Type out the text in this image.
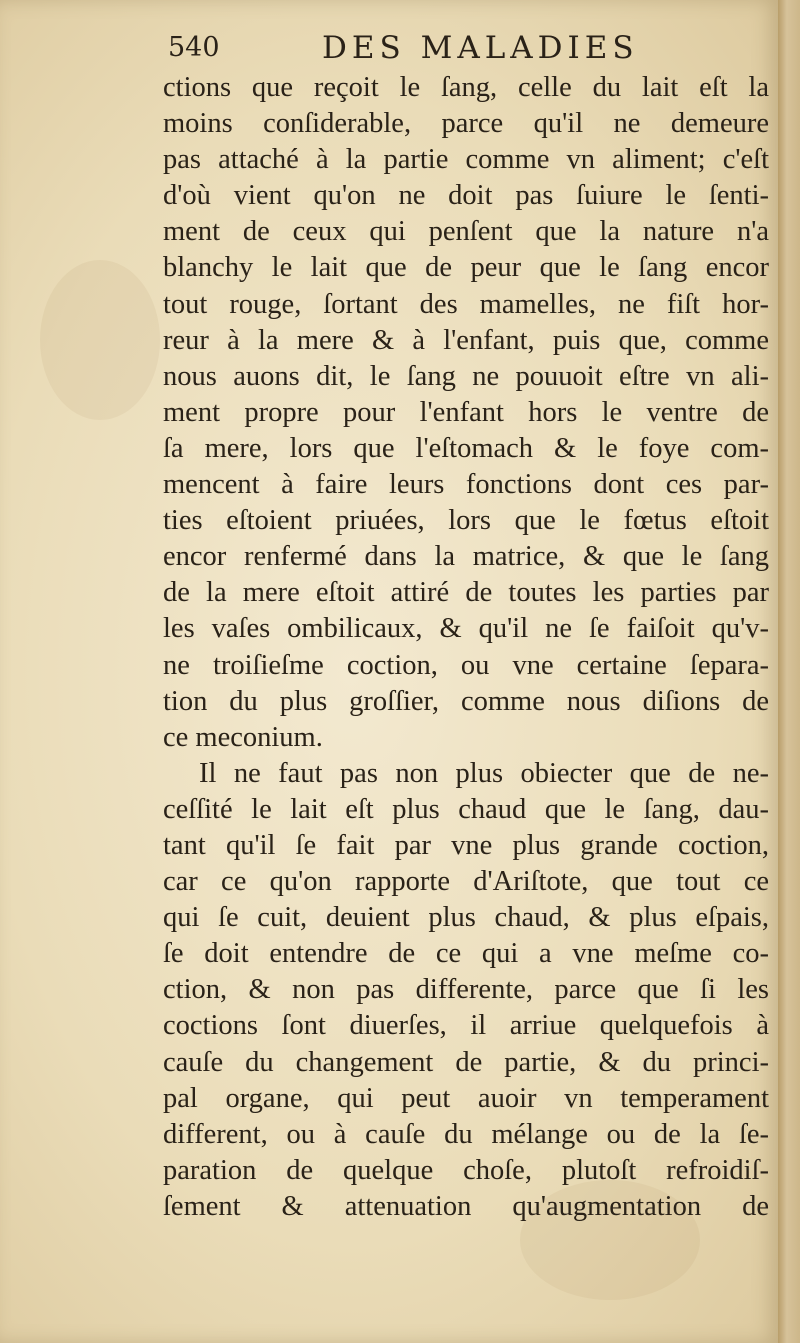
540	DES MALADIES
ctions que reçoit le ſang, celle du lait eſt la
moins conſiderable, parce qu'il ne demeure
pas attaché à la partie comme vn aliment; c'eſt
d'où vient qu'on ne doit pas ſuiure le ſenti-
ment de ceux qui penſent que la nature n'a
blanchy le lait que de peur que le ſang encor
tout rouge, ſortant des mamelles, ne fiſt hor-
reur à la mere & à l'enfant, puis que, comme
nous auons dit, le ſang ne pouuoit eſtre vn ali-
ment propre pour l'enfant hors le ventre de
ſa mere, lors que l'eſtomach & le foye com-
mencent à faire leurs fonctions dont ces par-
ties eſtoient priuées, lors que le fœtus eſtoit
encor renfermé dans la matrice, & que le ſang
de la mere eſtoit attiré de toutes les parties par
les vaſes ombilicaux, & qu'il ne ſe faiſoit qu'v-
ne troiſieſme coction, ou vne certaine ſepara-
tion du plus groſſier, comme nous diſions de
ce meconium.
Il ne faut pas non plus obiecter que de ne-
ceſſité le lait eſt plus chaud que le ſang, dau-
tant qu'il ſe fait par vne plus grande coction,
car ce qu'on rapporte d'Ariſtote, que tout ce
qui ſe cuit, deuient plus chaud, & plus eſpais,
ſe doit entendre de ce qui a vne meſme co-
ction, & non pas differente, parce que ſi les
coctions ſont diuerſes, il arriue quelquefois à
cauſe du changement de partie, & du princi-
pal organe, qui peut auoir vn temperament
different, ou à cauſe du mélange ou de la ſe-
paration de quelque choſe, plutoſt refroidiſ-
ſement & attenuation qu'augmentation de
